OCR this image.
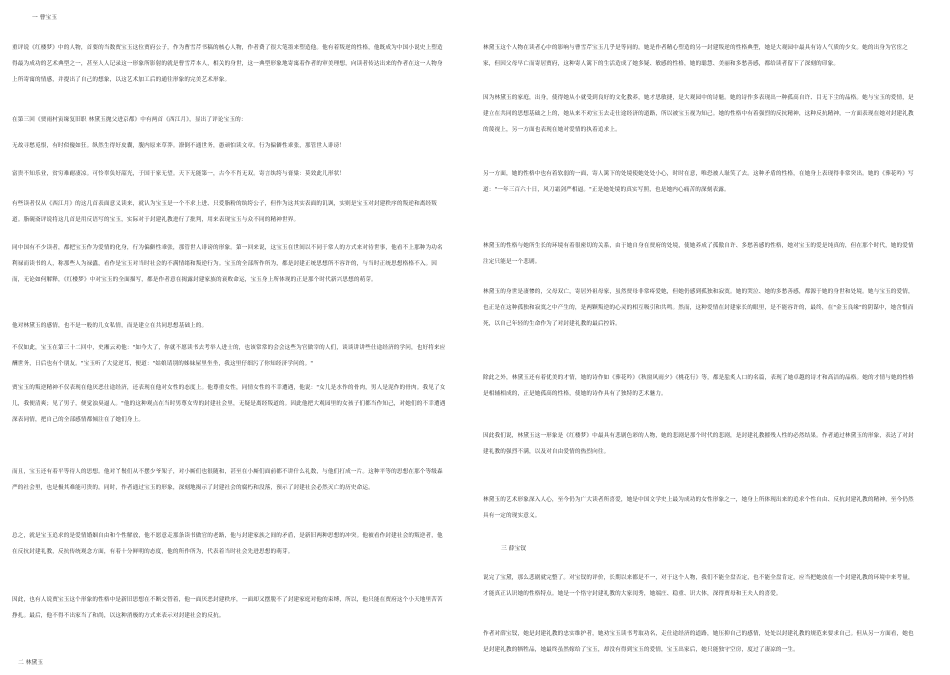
一 曹宝玉
重评说《红楼梦》中的人物，首要的当数贾宝玉这位贾府公子，作为曹雪芹书稿的核心人物，作者费了很大笔墨来塑造他。他有着叛逆的性格，他既成为中国小说史上塑造得最为成功的艺术典型之一，甚至人人记录这一形象所影射的就是曹雪芹本人，相关的身世，这一典型形象地寄寓着作者的审美理想，向读者传达出来的作者在这一人物身上所寄寓的情感，并提出了自己的想象，以这艺术加工后的通往形象的完美艺术形象。
在第三回《贾雨村寅缘复旧职 林黛玉抛父进京都》中有两首《西江月》，显出了评论宝玉的：
无故寻愁觅恨，有时似傻如狂。纵然生得好皮囊，腹内原来草莽。潦倒不通世务，愚顽怕读文章。行为偏僻性乖张，那管世人诽谤！
富贵不知乐业，贫穷难耐凄凉。可怜辜负好韶光，于国于家无望。天下无能第一，古今不肖无双。寄言纨绔与膏粱：莫效此儿形状！
有些读者仅从《西江月》的这几首表面意义读来，就认为宝玉是一个不求上进、只爱脂粉的纨绔公子，但作为这其实表面的讥讽，实则是宝玉对封建秩序的叛逆和离经叛道。脂砚斋评说将这几首是用反语写的宝玉，实际对于封建礼教进行了批判，用来表现宝玉与众不同的精神世界。
同中国有不少读者，都把宝玉作为爱情的化身，行为偏僻性乖张，那管世人诽谤的形象。第一回来说，这宝玉在世间以不同于常人的方式来对待世事，他看不上那种为功名利禄而读书的人，称那些人为禄蠹，看作是宝玉对当时社会的不满情绪和叛逆行为。宝玉的全部所作所为，都是封建正统思想所不容许的，与当时正统思想格格不入。因而，无论如何解释，《红楼梦》中对宝玉的全面描写，都是作者意在揭露封建家族的衰败命运，宝玉身上所体现的正是那个时代新兴思想的萌芽。
他对林黛玉的感情，也不是一般的儿女私情，而是建立在共同思想基础上的。
不仅如此，宝玉在第三十二回中，史湘云劝他："如今大了，你就不愿读书去考举人进士的，也该常常的会会这些为官做宰的人们，谈谈讲讲些仕途经济的学问，也好将来应酬世务，日后也有个朋友。"宝玉听了大觉逆耳，便道："姑娘请别的姊妹屋里坐坐，我这里仔细污了你知经济学问的。"
贾宝玉的叛逆精神不仅表现在他厌恶仕途经济，还表现在他对女性的态度上。他尊重女性，同情女性的不幸遭遇，他说："女儿是水作的骨肉，男人是泥作的骨肉。我见了女儿，我便清爽；见了男子，便觉浊臭逼人。"他的这种观点在当时男尊女卑的封建社会里，无疑是离经叛道的。因此他把大观园里的女孩子们都当作知己，对她们的不幸遭遇深表同情，把自己的全部感情都倾注在了她们身上。
而且，宝玉还有着平等待人的思想。他对丫鬟们从不摆少爷架子，对小厮们也很随和，甚至在小厮们面前都不讲什么礼数，与他们打成一片。这种平等的思想在那个等级森严的社会里，也是极其难能可贵的。同时，作者通过宝玉的形象，深刻地揭示了封建社会的腐朽和没落，预示了封建社会必然灭亡的历史命运。
总之，就是宝玉追求的是爱情婚姻自由和个性解放，他不愿意走那条读书做官的老路，他与封建家族之间的矛盾，是新旧两种思想的冲突。他被看作封建社会的叛逆者，他在反抗封建礼教，反抗传统观念方面，有着十分鲜明的态度，他的所作所为，代表着当时社会先进思想的萌芽。
因此，也有人说贾宝玉这个形象的性格中是新旧思想在不断交替着，他一面厌恶封建秩序，一面却又摆脱不了封建家庭对他的束缚，所以，他只能在贾府这个小天地里苦苦挣扎。最后，他不得不出家当了和尚，以这种消极的方式来表示对封建社会的反抗。
二 林黛玉
林黛玉这个人物在读者心中的影响与曹雪芹宝玉几乎是等同的。她是作者精心塑造的另一封建叛逆的性格典型，她是大观园中最具有诗人气质的少女。她的出身为官宦之家，但因父母早亡而寄居贾府，这种寄人篱下的生活造成了她多疑、敏感的性格，她的聪慧、美丽和多愁善感，都给读者留下了深刻的印象。
因为林黛玉的家庭，出身，使得她从小就受到良好的文化教养，她才思敏捷，是大观园中的诗魁。她的诗作多表现出一种孤高自许、目无下尘的品格。她与宝玉的爱情，是建立在共同的思想基础之上的，她从来不劝宝玉去走仕途经济的道路，所以被宝玉视为知己。她的性格中有着强烈的反抗精神，这种反抗精神，一方面表现在她对封建礼教的蔑视上，另一方面也表现在她对爱情的执着追求上。
另一方面，她的性格中也有着软弱的一面，寄人篱下的处境使她处处小心，时时在意，唯恐被人耻笑了去。这种矛盾的性格，在她身上表现得非常突出。她的《葬花吟》写道："一年三百六十日，风刀霜剑严相逼。"正是她处境的真实写照，也是她内心痛苦的深刻表露。
林黛玉的性格与她所生长的环境有着很密切的关系，由于她自身在贾府的处境，使她养成了孤傲自许、多愁善感的性格，她对宝玉的爱是纯真的，但在那个时代，她的爱情注定只能是一个悲剧。
林黛玉的身世是凄惨的，父母双亡，寄居外祖母家，虽然贾母非常疼爱她，但她仍感到孤独和寂寞。她的哭泣、她的多愁善感，都源于她的身世和处境。她与宝玉的爱情，也正是在这种孤独和寂寞之中产生的，是两颗叛逆的心灵的相互吸引和共鸣。然而，这种爱情在封建家长的眼里，是不能容许的，最终，在"金玉良缘"的阴谋中，她含恨而死，以自己年轻的生命作为了对封建礼教的最后控诉。
除此之外，林黛玉还有着优美的才情，她的诗作如《葬花吟》《秋窗风雨夕》《桃花行》等，都是脍炙人口的名篇，表现了她卓越的诗才和高洁的品格。她的才情与她的性格是相辅相成的，正是她孤高的性格，使她的诗作具有了独特的艺术魅力。
因此我们说，林黛玉这一形象是《红楼梦》中最具有悲剧色彩的人物，她的悲剧是那个时代的悲剧，是封建礼教摧残人性的必然结果。作者通过林黛玉的形象，表达了对封建礼教的强烈不满，以及对自由爱情的热烈向往。
林黛玉的艺术形象深入人心，至今仍为广大读者所喜爱，她是中国文学史上最为成功的女性形象之一，她身上所体现出来的追求个性自由、反抗封建礼教的精神，至今仍然具有一定的现实意义。
三 薛宝钗
说完了宝黛，那么悲剧就完整了。对宝钗的评价，长期以来都是不一，对于这个人物，我们不能全盘否定，也不能全盘肯定，应当把她放在一个封建礼教的环境中来考量，才能真正认识她的性格特点。她是一个恪守封建礼教的大家闺秀，她端庄、稳重、识大体，深得贾母和王夫人的喜爱。
作者对薛宝钗，她是封建礼教的忠实维护者，她劝宝玉读书考取功名，走仕途经济的道路，她压抑自己的感情，处处以封建礼教的规范来要求自己。但从另一方面看，她也是封建礼教的牺牲品，她最终虽然嫁给了宝玉，却没有得到宝玉的爱情，宝玉出家后，她只能独守空房，度过了凄凉的一生。
